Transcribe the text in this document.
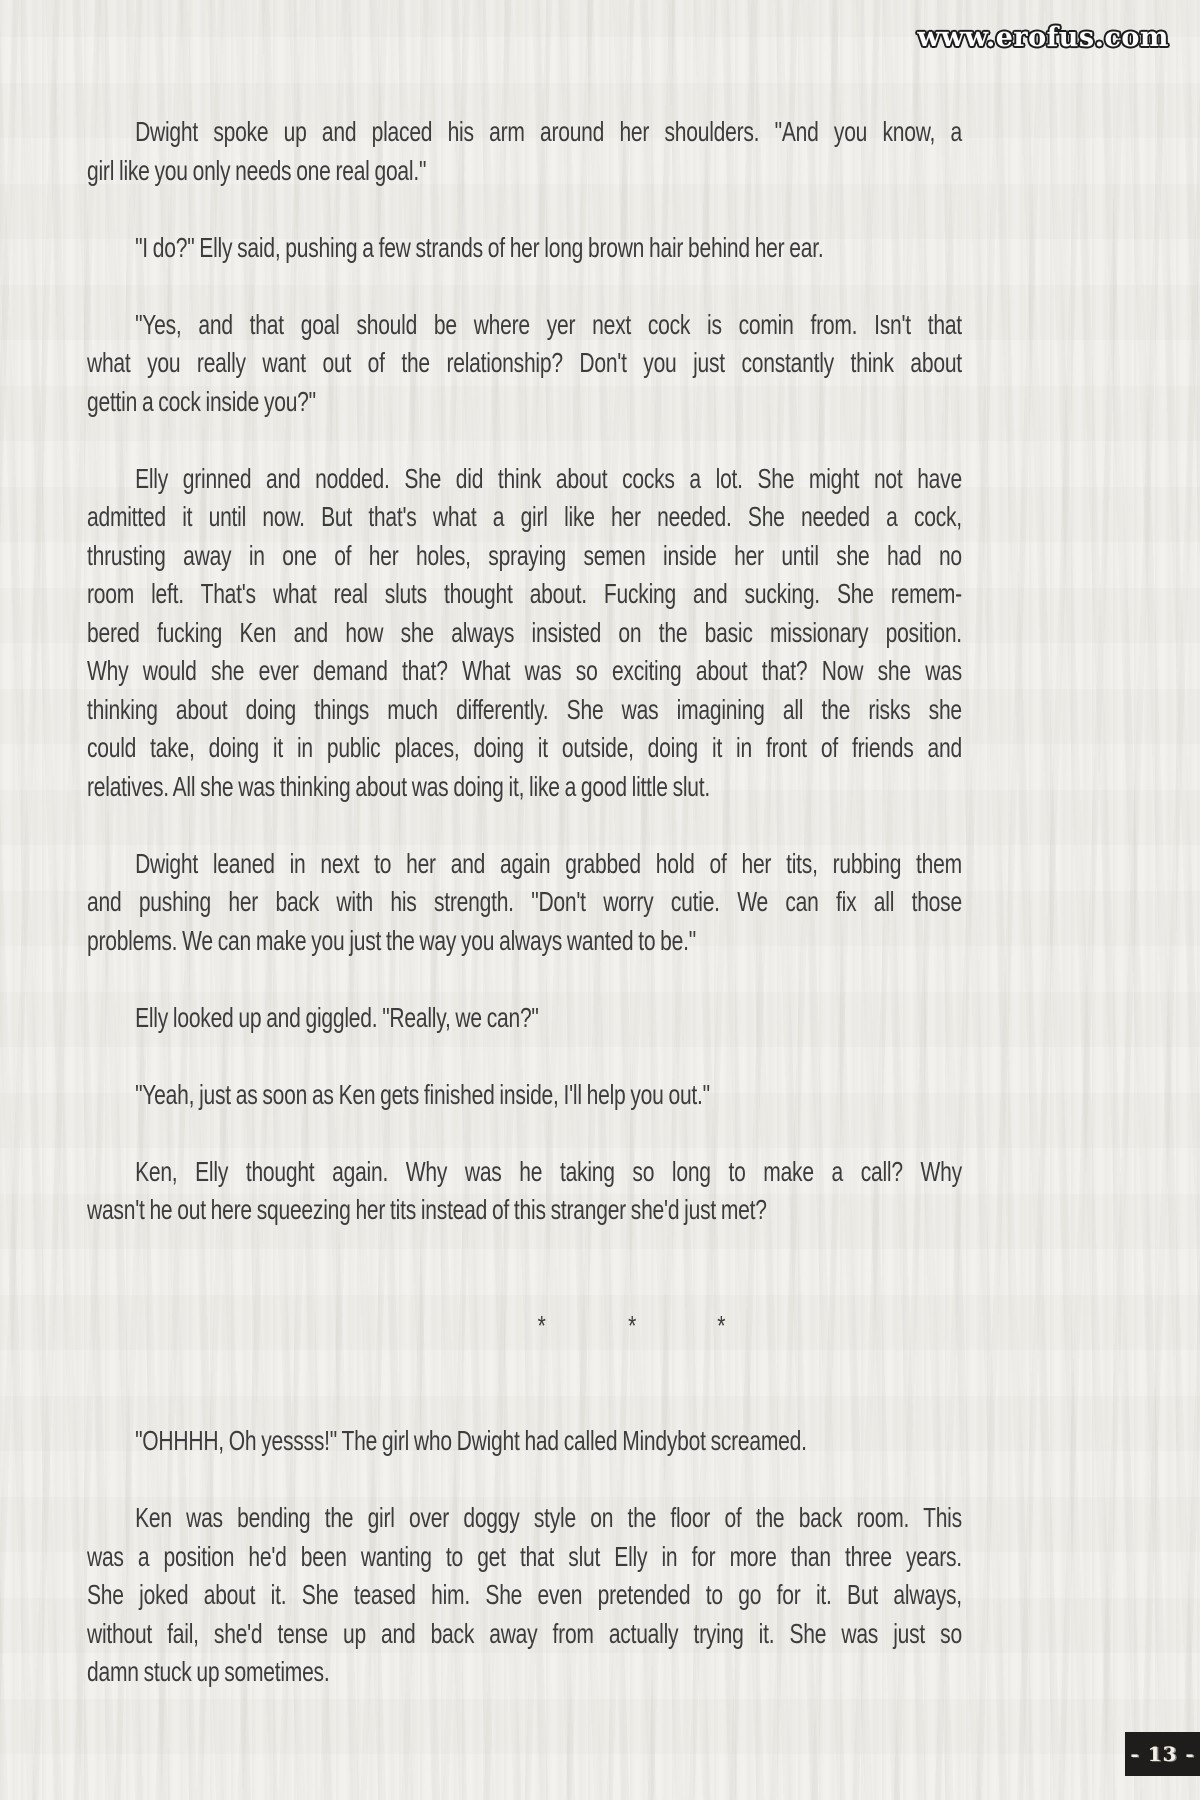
www.erofus.com
Dwight spoke up and placed his arm around her shoulders. "And you know, a
girl like you only needs one real goal."
"I do?" Elly said, pushing a few strands of her long brown hair behind her ear.
"Yes, and that goal should be where yer next cock is comin from. Isn't that
what you really want out of the relationship? Don't you just constantly think about
gettin a cock inside you?"
Elly grinned and nodded. She did think about cocks a lot. She might not have
admitted it until now. But that's what a girl like her needed. She needed a cock,
thrusting away in one of her holes, spraying semen inside her until she had no
room left. That's what real sluts thought about. Fucking and sucking. She remem-
bered fucking Ken and how she always insisted on the basic missionary position.
Why would she ever demand that? What was so exciting about that? Now she was
thinking about doing things much differently. She was imagining all the risks she
could take, doing it in public places, doing it outside, doing it in front of friends and
relatives. All she was thinking about was doing it, like a good little slut.
Dwight leaned in next to her and again grabbed hold of her tits, rubbing them
and pushing her back with his strength. "Don't worry cutie. We can fix all those
problems. We can make you just the way you always wanted to be."
Elly looked up and giggled. "Really, we can?"
"Yeah, just as soon as Ken gets finished inside, I'll help you out."
Ken, Elly thought again. Why was he taking so long to make a call? Why
wasn't he out here squeezing her tits instead of this stranger she'd just met?
*	*	*
"OHHHH, Oh yessss!" The girl who Dwight had called Mindybot screamed.
Ken was bending the girl over doggy style on the floor of the back room. This
was a position he'd been wanting to get that slut Elly in for more than three years.
She joked about it. She teased him. She even pretended to go for it. But always,
without fail, she'd tense up and back away from actually trying it. She was just so
damn stuck up sometimes.
- 13 -
